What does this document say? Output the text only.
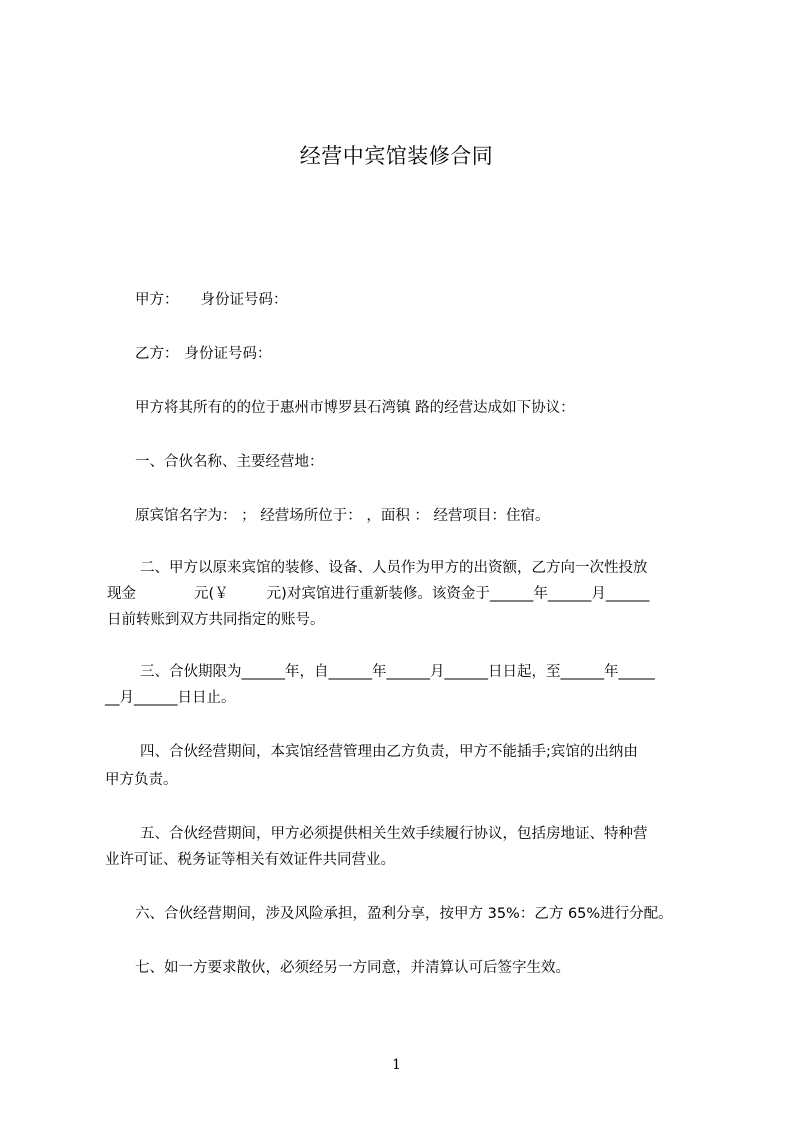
经营中宾馆装修合同
甲方： 身份证号码：
乙方： 身份证号码：
甲方将其所有的的位于惠州市博罗县石湾镇 路的经营达成如下协议：
一、合伙名称、主要经营地：
原宾馆名字为： ； 经营场所位于： ，面积 ： 经营项目：住宿。
二、甲方以原来宾馆的装修、设备、人员作为甲方的出资额，乙方向一次性投放
现金	元(￥	元)对宾馆进行重新装修。该资金于______年______月______
日前转账到双方共同指定的账号。
三、合伙期限为______年，自______年______月______日日起，至______年_____
__月______日日止。
四、合伙经营期间，本宾馆经营管理由乙方负责，甲方不能插手;宾馆的出纳由
甲方负责。
五、合伙经营期间，甲方必须提供相关生效手续履行协议，包括房地证、特种营
业许可证、税务证等相关有效证件共同营业。
六、合伙经营期间，涉及风险承担，盈利分享，按甲方 35%：乙方 65%进行分配。
七、如一方要求散伙，必须经另一方同意，并清算认可后签字生效。
1
